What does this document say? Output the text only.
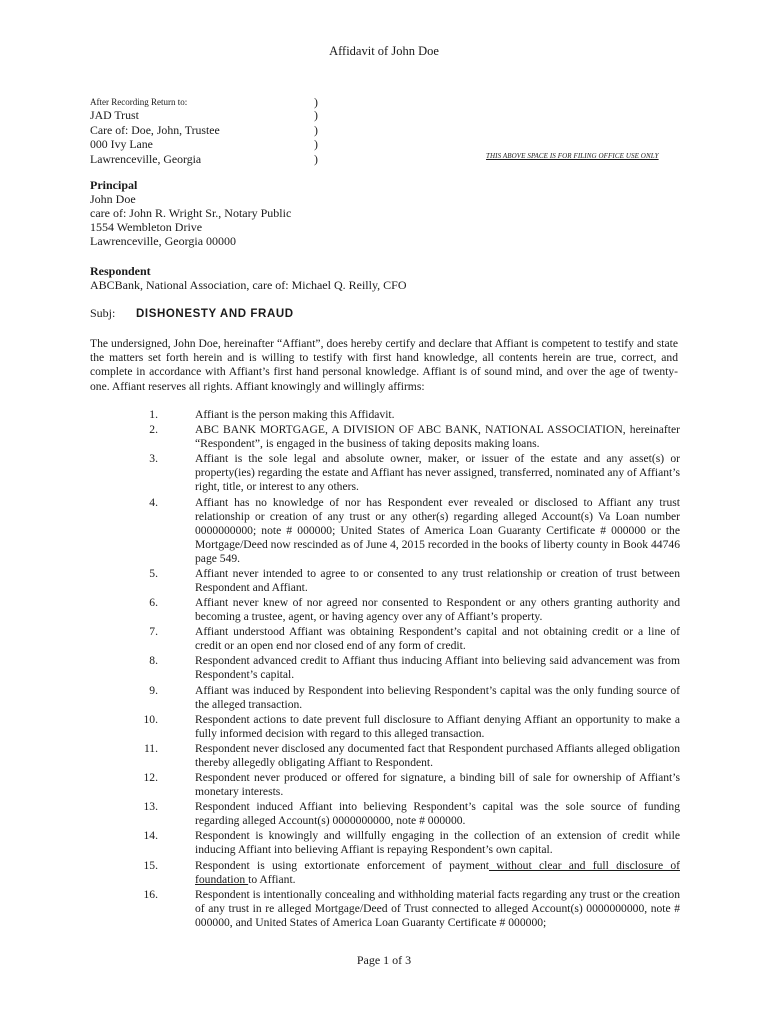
Affidavit of John Doe
After Recording Return to:
JAD Trust
Care of: Doe, John, Trustee
000 Ivy Lane
Lawrenceville, Georgia
)
)
)
)
)	THIS ABOVE SPACE IS FOR FILING OFFICE USE ONLY
Principal
John Doe
care of: John R. Wright Sr., Notary Public
1554 Wembleton Drive
Lawrenceville, Georgia 00000
Respondent
ABCBank, National Association, care of: Michael Q. Reilly, CFO
Subj: DISHONESTY AND FRAUD
The undersigned, John Doe, hereinafter “Affiant”, does hereby certify and declare that Affiant is competent to testify and state the matters set forth herein and is willing to testify with first hand knowledge, all contents herein are true, correct, and complete in accordance with Affiant’s first hand personal knowledge. Affiant is of sound mind, and over the age of twenty-one. Affiant reserves all rights. Affiant knowingly and willingly affirms:
1.	Affiant is the person making this Affidavit.
2.	ABC BANK MORTGAGE, A DIVISION OF ABC BANK, NATIONAL ASSOCIATION, hereinafter “Respondent”, is engaged in the business of taking deposits making loans.
3.	Affiant is the sole legal and absolute owner, maker, or issuer of the estate and any asset(s) or property(ies) regarding the estate and Affiant has never assigned, transferred, nominated any of Affiant’s right, title, or interest to any others.
4.	Affiant has no knowledge of nor has Respondent ever revealed or disclosed to Affiant any trust relationship or creation of any trust or any other(s) regarding alleged Account(s) Va Loan number 0000000000; note # 000000; United States of America Loan Guaranty Certificate # 000000 or the Mortgage/Deed now rescinded as of June 4, 2015 recorded in the books of liberty county in Book 44746 page 549.
5.	Affiant never intended to agree to or consented to any trust relationship or creation of trust between Respondent and Affiant.
6.	Affiant never knew of nor agreed nor consented to Respondent or any others granting authority and becoming a trustee, agent, or having agency over any of Affiant’s property.
7.	Affiant understood Affiant was obtaining Respondent’s capital and not obtaining credit or a line of credit or an open end nor closed end of any form of credit.
8.	Respondent advanced credit to Affiant thus inducing Affiant into believing said advancement was from Respondent’s capital.
9.	Affiant was induced by Respondent into believing Respondent’s capital was the only funding source of the alleged transaction.
10.	Respondent actions to date prevent full disclosure to Affiant denying Affiant an opportunity to make a fully informed decision with regard to this alleged transaction.
11.	Respondent never disclosed any documented fact that Respondent purchased Affiants alleged obligation thereby allegedly obligating Affiant to Respondent.
12.	Respondent never produced or offered for signature, a binding bill of sale for ownership of Affiant’s monetary interests.
13.	Respondent induced Affiant into believing Respondent’s capital was the sole source of funding regarding alleged Account(s) 0000000000, note # 000000.
14.	Respondent is knowingly and willfully engaging in the collection of an extension of credit while inducing Affiant into believing Affiant is repaying Respondent’s own capital.
15.	Respondent is using extortionate enforcement of payment without clear and full disclosure of foundation to Affiant.
16.	Respondent is intentionally concealing and withholding material facts regarding any trust or the creation of any trust in re alleged Mortgage/Deed of Trust connected to alleged Account(s) 0000000000, note # 000000, and United States of America Loan Guaranty Certificate # 000000;
Page 1 of 3
